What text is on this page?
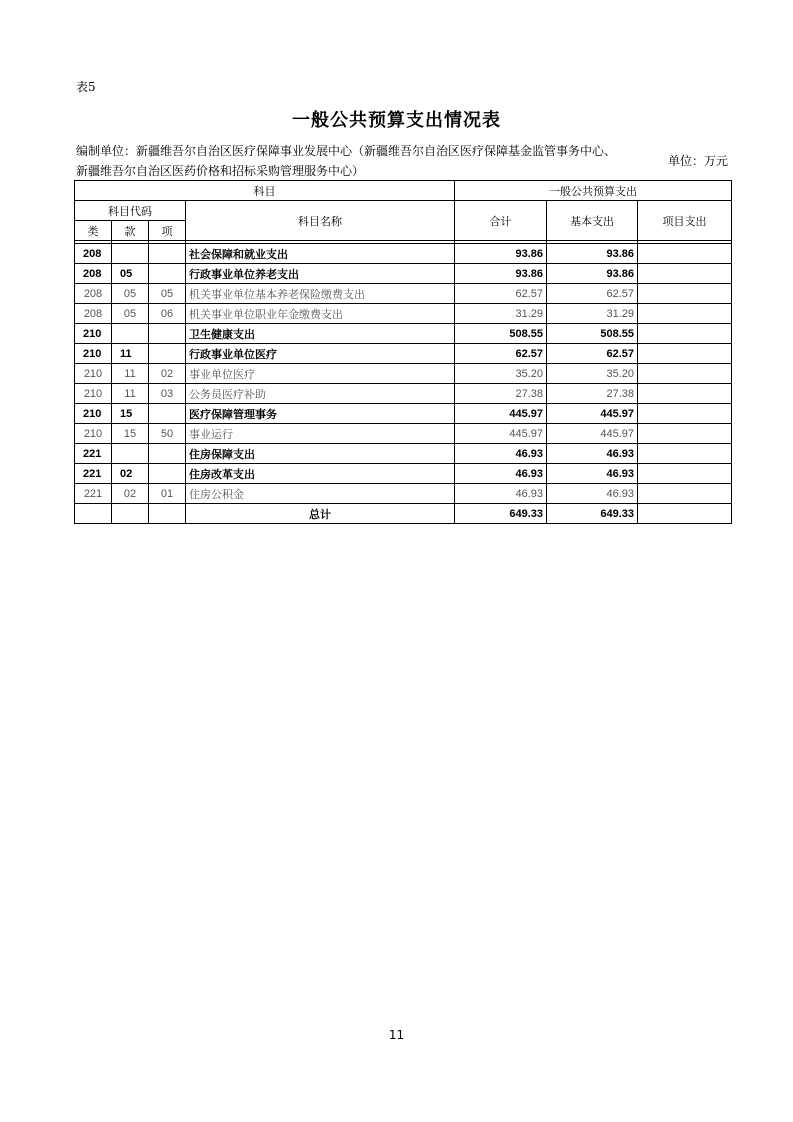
表5
一般公共预算支出情况表
编制单位：新疆维吾尔自治区医疗保障事业发展中心（新疆维吾尔自治区医疗保障基金监管事务中心、
新疆维吾尔自治区医药价格和招标采购管理服务中心）
单位：万元
科目				一般公共预算支出		
科目代码			科目名称	合计	基本支出	项目支出
类	款	项				

208			社会保障和就业支出	93.86	93.86	
208	05		行政事业单位养老支出	93.86	93.86	
208	05	05	机关事业单位基本养老保险缴费支出	62.57	62.57	
208	05	06	机关事业单位职业年金缴费支出	31.29	31.29	
210			卫生健康支出	508.55	508.55	
210	11		行政事业单位医疗	62.57	62.57	
210	11	02	事业单位医疗	35.20	35.20	
210	11	03	公务员医疗补助	27.38	27.38	
210	15		医疗保障管理事务	445.97	445.97	
210	15	50	事业运行	445.97	445.97	
221			住房保障支出	46.93	46.93	
221	02		住房改革支出	46.93	46.93	
221	02	01	住房公积金	46.93	46.93	
			总计	649.33	649.33	
11
